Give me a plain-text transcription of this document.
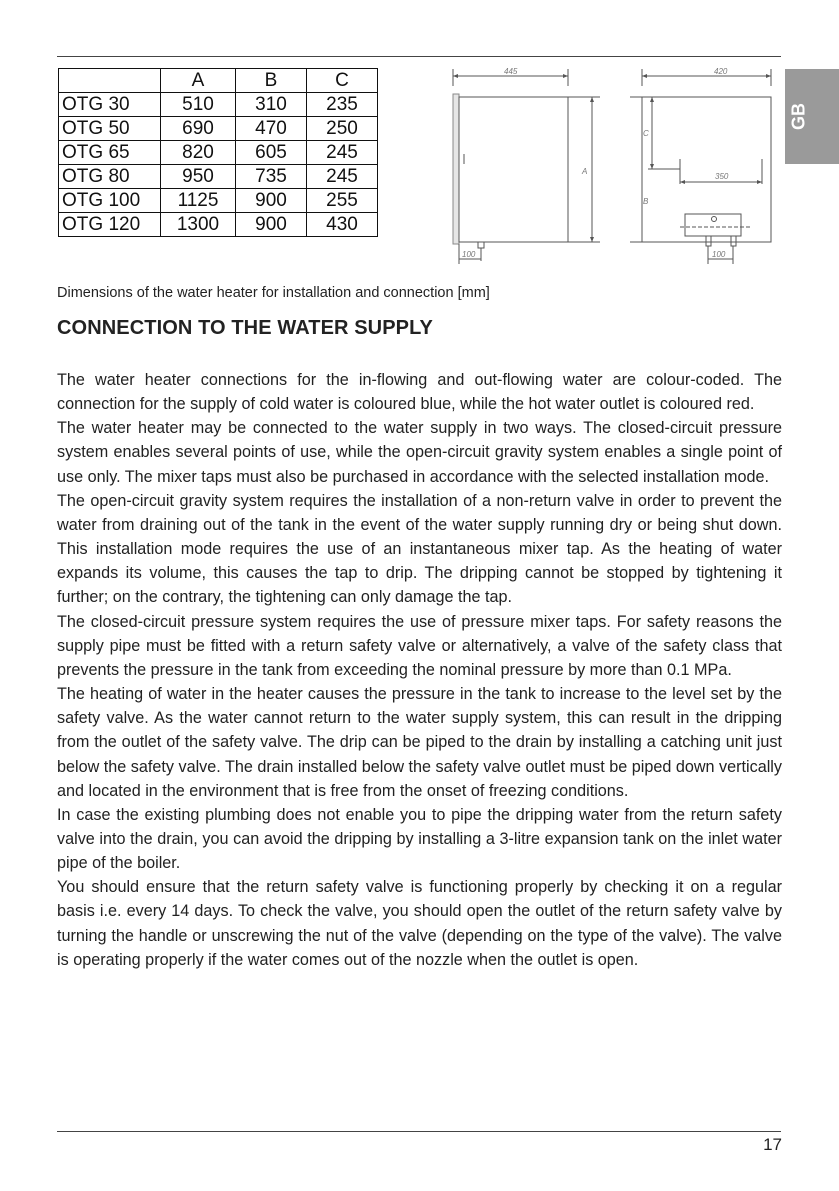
GB
	A	B	C
OTG 30	510	310	235
OTG 50	690	470	250
OTG 65	820	605	245
OTG 80	950	735	245
OTG 100	1125	900	255
OTG 120	1300	900	430
445
A
100
420
C
B
350
100

Dimensions of the water heater for installation and connection [mm]

CONNECTION TO THE WATER SUPPLY

The water heater connections for the in-flowing and out-flowing water are colour-coded. The connection for the supply of cold water is coloured blue, while the hot water outlet is coloured red.

The water heater may be connected to the water supply in two ways. The closed-circuit pressure system enables several points of use, while the open-circuit gravity system enables a single point of use only. The mixer taps must also be purchased in accordance with the selected installation mode.

The open-circuit gravity system requires the installation of a non-return valve in order to prevent the water from draining out of the tank in the event of the water supply running dry or being shut down. This installation mode requires the use of an instantaneous mixer tap. As the heating of water expands its volume, this causes the tap to drip. The dripping cannot be stopped by tightening it further; on the contrary, the tightening can only damage the tap.

The closed-circuit pressure system requires the use of pressure mixer taps. For safety reasons the supply pipe must be fitted with a return safety valve or alternatively, a valve of the safety class that prevents the pressure in the tank from exceeding the nominal pressure by more than 0.1 MPa.

The heating of water in the heater causes the pressure in the tank to increase to the level set by the safety valve. As the water cannot return to the water supply system, this can result in the dripping from the outlet of the safety valve. The drip can be piped to the drain by installing a catching unit just below the safety valve. The drain installed below the safety valve outlet must be piped down vertically and located in the environment that is free from the onset of freezing conditions.

In case the existing plumbing does not enable you to pipe the dripping water from the return safety valve into the drain, you can avoid the dripping by installing a 3-litre expansion tank on the inlet water pipe of the boiler.

You should ensure that the return safety valve is functioning properly by checking it on a regular basis i.e. every 14 days. To check the valve, you should open the outlet of the return safety valve by turning the handle or unscrewing the nut of the valve (depending on the type of the valve). The valve is operating properly if the water comes out of the nozzle when the outlet is open.

17
